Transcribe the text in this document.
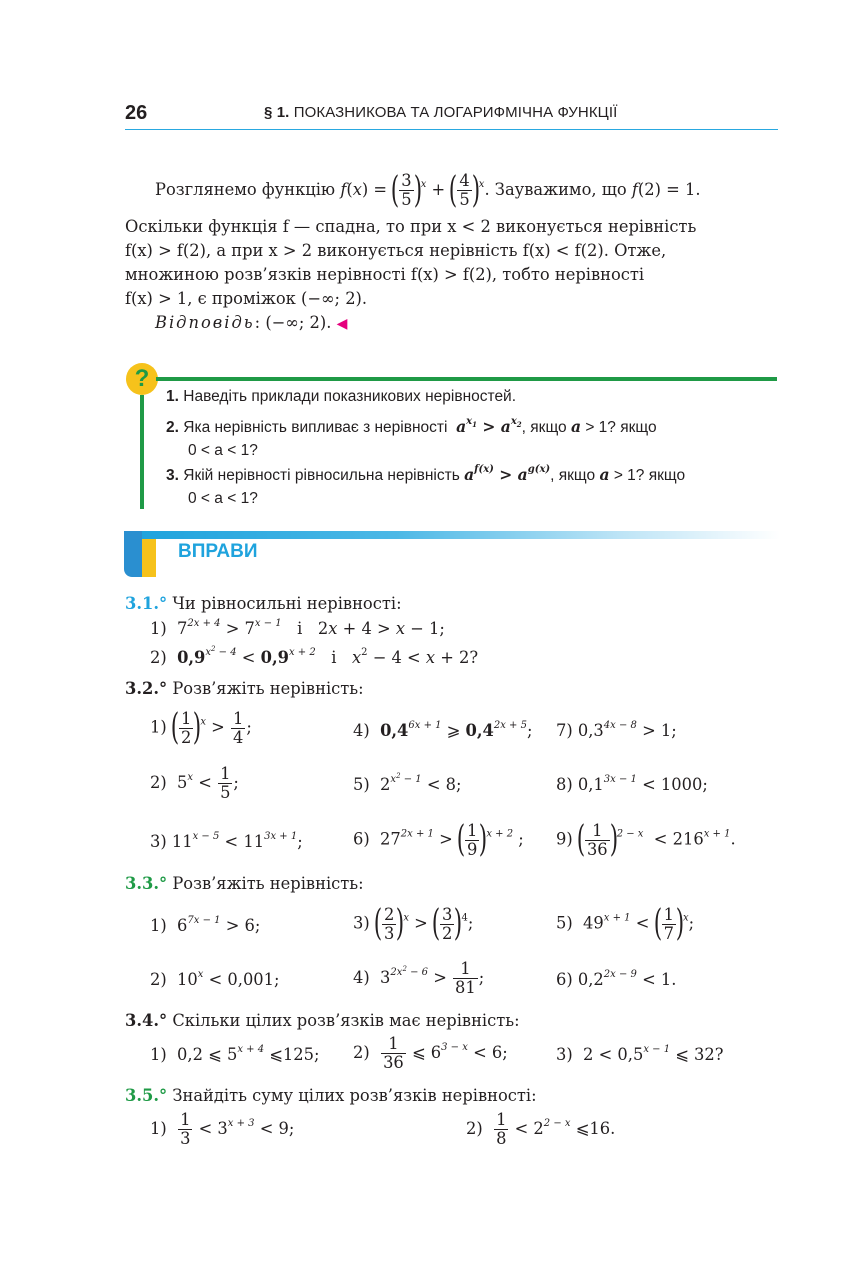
26	§ 1. ПОКАЗНИКОВА ТА ЛОГАРИФМІЧНА ФУНКЦІЇ
Розглянемо функцію f(x) = ( $\frac{3}{5} )^x$ + ( $\frac{4}{5} )^x$. Зауважимо, що f(2) = 1.
Оскільки функція f — спадна, то при x < 2 виконується нерівність
f(x) > f(2), а при x > 2 виконується нерівність f(x) < f(2). Отже,
множиною розв’язків нерівності f(x) > f(2), тобто нерівності
f(x) > 1, є проміжок (−∞; 2).
Відповідь: (−∞; 2). ◀
?
1. Наведіть приклади показникових нерівностей.
2. Яка нерівність випливає з нерівності $a^{x_1} > a^{x_2}$, якщо a > 1? якщо
0 < a < 1?
3. Якій нерівності рівносильна нерівність $a^{f(x)} > a^{g(x)}$, якщо a > 1? якщо
0 < a < 1?
ВПРАВИ
3.1.° Чи рівносильні нерівності:
1)  $7^{2x + 4} > 7^{x - 1}$   і   2x + 4 > x − 1;
2)  $0,9^{x^2 - 4} < 0,9^{x + 2}$   і   $x^2 - 4 < x + 2$?
3.2.° Розв’яжіть нерівність:
1) ( $\frac{1}{2} )^x > \frac{1}{4}$ ;	4)  $0,4^{6x + 1}$ ⩾ $0,4^{2x + 5}$; 7) $0,3^{4x - 8} > 1$;
2)  $5^x < \frac{1}{5}$ ;	5)  $2^{x^2 - 1} < 8$;	8) $0,1^{3x - 1} < 1000$;
3) $11^{x - 5} < 11^{3x + 1}$;	6)  $27^{2x + 1}$ > ( $\frac{1}{9} )^{x + 2}$ ; 9) ( $\frac{1}{36} )^{2 - x} < 216^{x + 1}$.
3.3.° Розв’яжіть нерівність:
1)  $6^{7x - 1} > 6$;	3) ( $\frac{2}{3} )^x$ > ( $\frac{3}{2} )^4$;	5)  $49^{x + 1}$ < ( $\frac{1}{7} )^x$;
2)  $10^x < 0,001$;	4)  $3^{2x^2 - 6} > \frac{1}{81}$ ;	6) $0,2^{2x - 9} < 1$.
3.4.° Скільки цілих розв’язків має нерівність:
1)  0,2 ⩽ $5^{x + 4}$ ⩽125; $2) \frac{1}{36}$ ⩽ $6^{3 - x} < 6$;	3)  $2 < 0,5^{x - 1}$ ⩽ 32?
3.5.° Знайдіть суму цілих розв’язків нерівності:
$1) \frac{1}{3} < 3^{x + 3} < 9$;	$2) \frac{1}{8} < 2^{2 - x}$ ⩽16.
